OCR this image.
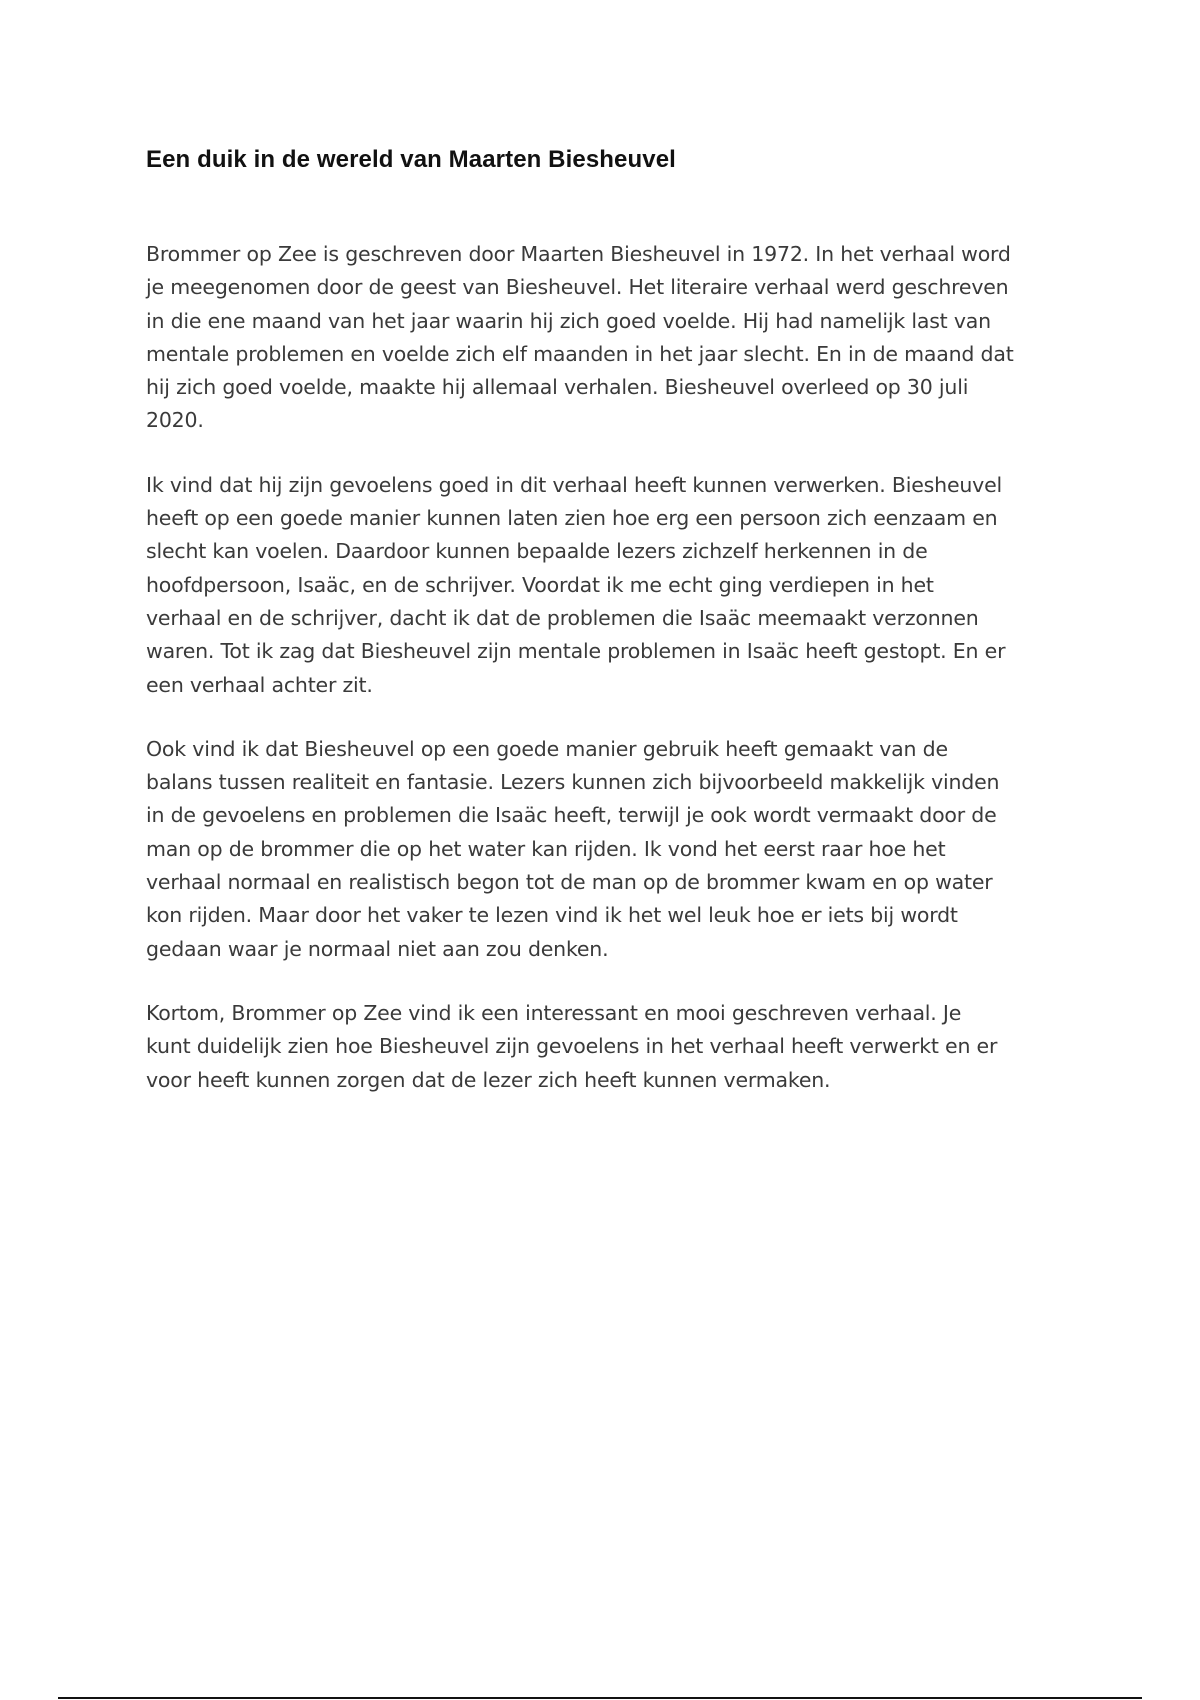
Een duik in de wereld van Maarten Biesheuvel

Brommer op Zee is geschreven door Maarten Biesheuvel in 1972. In het verhaal word
je meegenomen door de geest van Biesheuvel. Het literaire verhaal werd geschreven
in die ene maand van het jaar waarin hij zich goed voelde. Hij had namelijk last van
mentale problemen en voelde zich elf maanden in het jaar slecht. En in de maand dat
hij zich goed voelde, maakte hij allemaal verhalen. Biesheuvel overleed op 30 juli
2020.

Ik vind dat hij zijn gevoelens goed in dit verhaal heeft kunnen verwerken. Biesheuvel
heeft op een goede manier kunnen laten zien hoe erg een persoon zich eenzaam en
slecht kan voelen. Daardoor kunnen bepaalde lezers zichzelf herkennen in de
hoofdpersoon, Isaäc, en de schrijver. Voordat ik me echt ging verdiepen in het
verhaal en de schrijver, dacht ik dat de problemen die Isaäc meemaakt verzonnen
waren. Tot ik zag dat Biesheuvel zijn mentale problemen in Isaäc heeft gestopt. En er
een verhaal achter zit.

Ook vind ik dat Biesheuvel op een goede manier gebruik heeft gemaakt van de
balans tussen realiteit en fantasie. Lezers kunnen zich bijvoorbeeld makkelijk vinden
in de gevoelens en problemen die Isaäc heeft, terwijl je ook wordt vermaakt door de
man op de brommer die op het water kan rijden. Ik vond het eerst raar hoe het
verhaal normaal en realistisch begon tot de man op de brommer kwam en op water
kon rijden. Maar door het vaker te lezen vind ik het wel leuk hoe er iets bij wordt
gedaan waar je normaal niet aan zou denken.

Kortom, Brommer op Zee vind ik een interessant en mooi geschreven verhaal. Je
kunt duidelijk zien hoe Biesheuvel zijn gevoelens in het verhaal heeft verwerkt en er
voor heeft kunnen zorgen dat de lezer zich heeft kunnen vermaken.
